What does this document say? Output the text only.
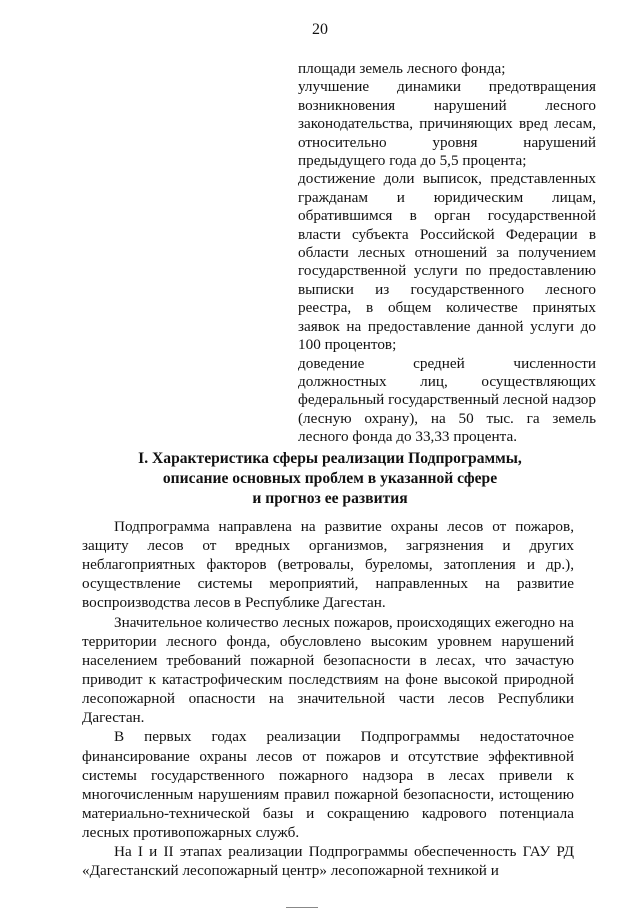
20

площади земель лесного фонда;

улучшение динамики предотвращения возникновения нарушений лесного законодательства, причиняющих вред лесам, относительно уровня нарушений предыдущего года до 5,5 процента;

достижение доли выписок, представленных гражданам и юридическим лицам, обратившимся в орган государственной власти субъекта Российской Федерации в области лесных отношений за получением государственной услуги по предоставлению выписки из государственного лесного реестра, в общем количестве принятых заявок на предоставление данной услуги до 100 процентов;

доведение средней численности должностных лиц, осуществляющих федеральный государственный лесной надзор (лесную охрану), на 50 тыс. га земель лесного фонда до 33,33 процента.

I. Характеристика сферы реализации Подпрограммы,
описание основных проблем в указанной сфере
и прогноз ее развития

Подпрограмма направлена на развитие охраны лесов от пожаров, защиту лесов от вредных организмов, загрязнения и других неблагоприятных факторов (ветровалы, буреломы, затопления и др.), осуществление системы мероприятий, направленных на развитие воспроизводства лесов в Республике Дагестан.

Значительное количество лесных пожаров, происходящих ежегодно на территории лесного фонда, обусловлено высоким уровнем нарушений населением требований пожарной безопасности в лесах, что зачастую приводит к катастрофическим последствиям на фоне высокой природной лесопожарной опасности на значительной части лесов Республики Дагестан.

В первых годах реализации Подпрограммы недостаточное финансирование охраны лесов от пожаров и отсутствие эффективной системы государственного пожарного надзора в лесах привели к многочисленным нарушениям правил пожарной безопасности, истощению материально-технической базы и сокращению кадрового потенциала лесных противопожарных служб.

На I и II этапах реализации Подпрограммы обеспеченность ГАУ РД «Дагестанский лесопожарный центр» лесопожарной техникой и
